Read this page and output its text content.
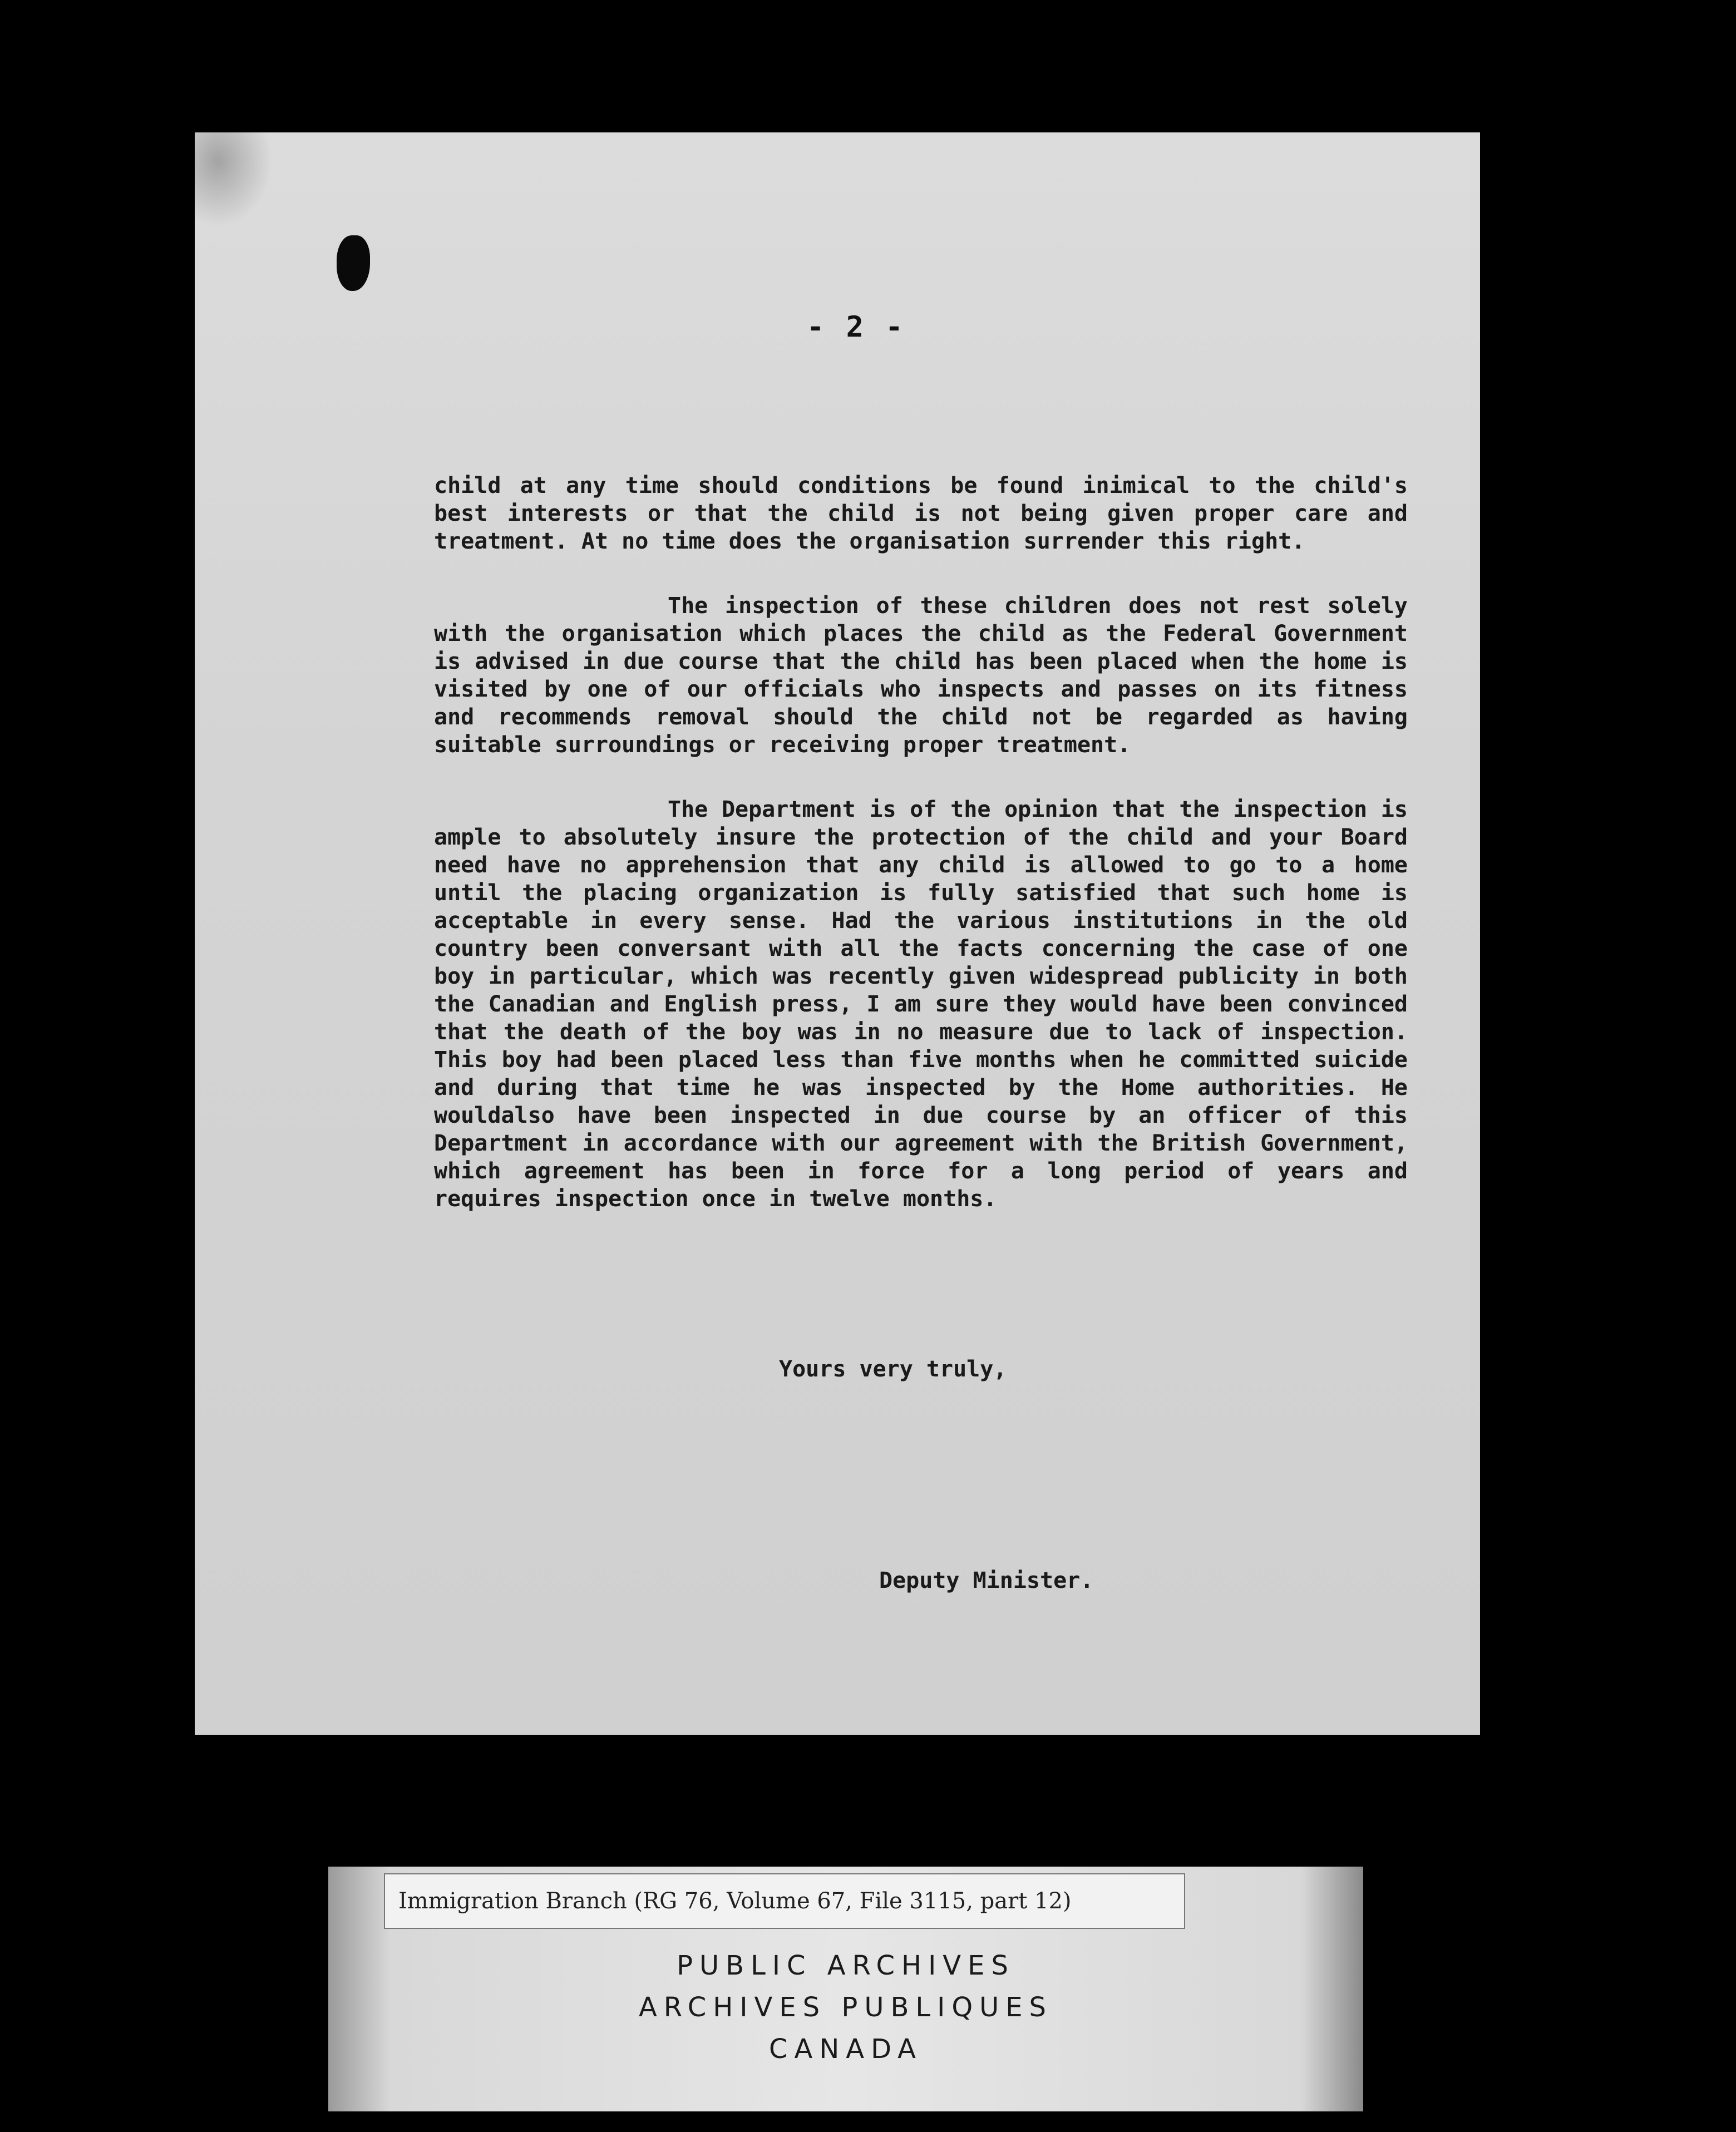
- 2 -

child at any time should conditions be found inimical to the child's best interests or that the child is not being given proper care and treatment. At no time does the organisation surrender this right.

The inspection of these children does not rest solely with the organisation which places the child as the Federal Government is advised in due course that the child has been placed when the home is visited by one of our officials who inspects and passes on its fitness and recommends removal should the child not be regarded as having suitable surroundings or receiving proper treatment.

The Department is of the opinion that the inspection is ample to absolutely insure the protection of the child and your Board need have no apprehension that any child is allowed to go to a home until the placing organization is fully satisfied that such home is acceptable in every sense. Had the various institutions in the old country been conversant with all the facts concerning the case of one boy in particular, which was recently given widespread publicity in both the Canadian and English press, I am sure they would have been convinced that the death of the boy was in no measure due to lack of inspection. This boy had been placed less than five months when he committed suicide and during that time he was inspected by the Home authorities. He wouldalso have been inspected in due course by an officer of this Department in accordance with our agreement with the British Government, which agreement has been in force for a long period of years and requires inspection once in twelve months.

Yours very truly,
Deputy Minister.
Immigration Branch (RG 76, Volume 67, File 3115, part 12)
PUBLIC ARCHIVES
ARCHIVES PUBLIQUES
CANADA
